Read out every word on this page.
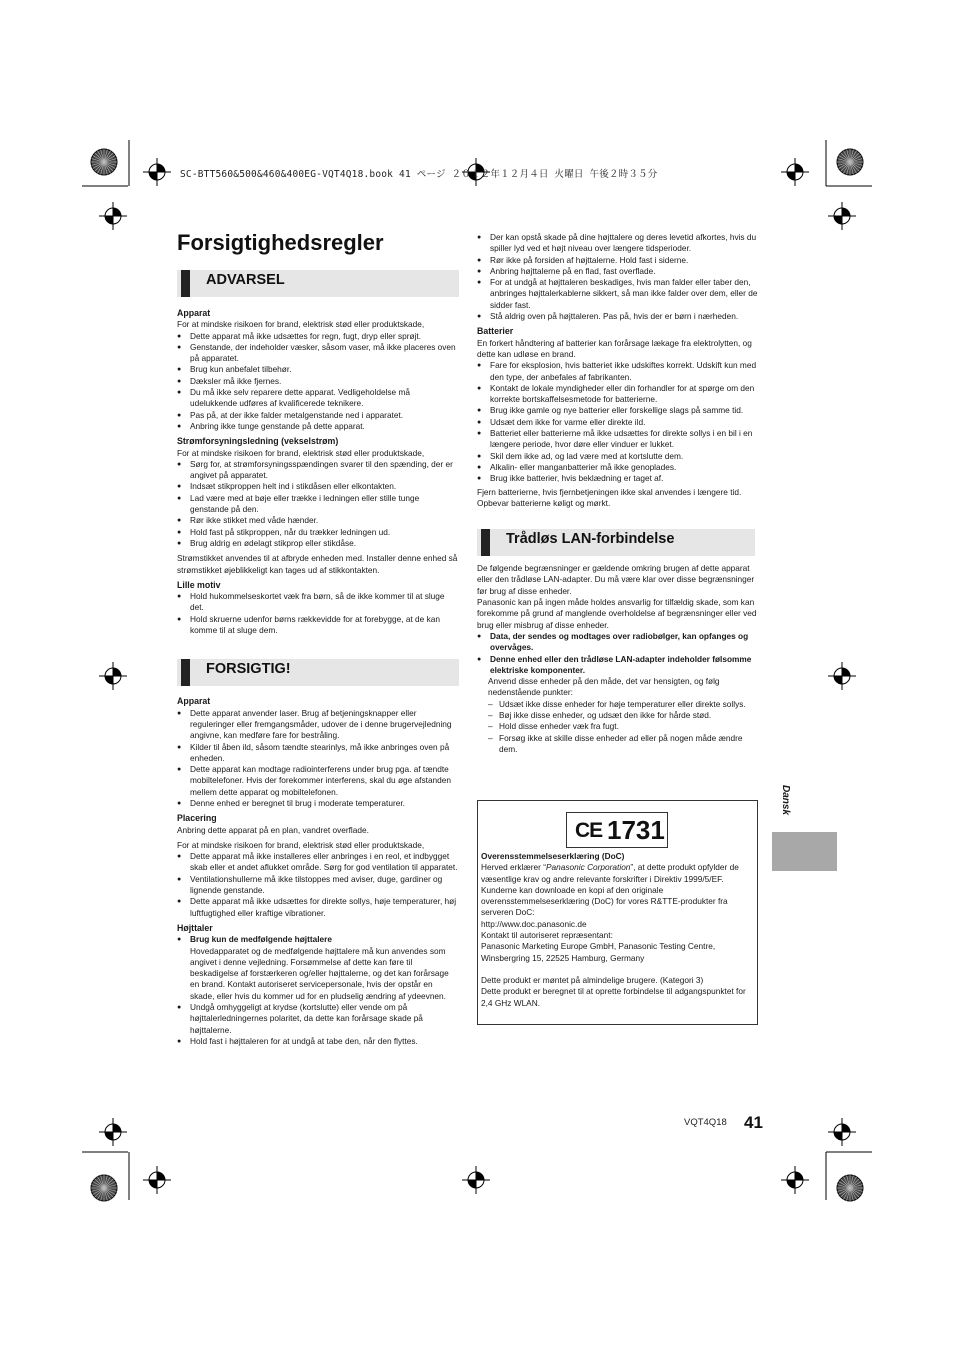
SC-BTT560&500&460&400EG-VQT4Q18.book 41 ページ ２０１２年１２月４日 火曜日 午後２時３５分
Forsigtighedsregler
ADVARSEL

Apparat

For at mindske risikoen for brand, elektrisk stød eller produktskade,

● Dette apparat må ikke udsættes for regn, fugt, dryp eller sprøjt.
● Genstande, der indeholder væsker, såsom vaser, må ikke placeres oven på apparatet.
● Brug kun anbefalet tilbehør.
● Dæksler må ikke fjernes.
● Du må ikke selv reparere dette apparat. Vedligeholdelse må udelukkende udføres af kvalificerede teknikere.
● Pas på, at der ikke falder metalgenstande ned i apparatet.
● Anbring ikke tunge genstande på dette apparat.

Strømforsyningsledning (vekselstrøm)

For at mindske risikoen for brand, elektrisk stød eller produktskade,

● Sørg for, at strømforsyningsspændingen svarer til den spænding, der er angivet på apparatet.
● Indsæt stikproppen helt ind i stikdåsen eller elkontakten.
● Lad være med at bøje eller trække i ledningen eller stille tunge genstande på den.
● Rør ikke stikket med våde hænder.
● Hold fast på stikproppen, når du trækker ledningen ud.
● Brug aldrig en ødelagt stikprop eller stikdåse.

Strømstikket anvendes til at afbryde enheden med. Installer denne enhed så strømstikket øjeblikkeligt kan tages ud af stikkontakten.

Lille motiv

● Hold hukommelseskortet væk fra børn, så de ikke kommer til at sluge det.
● Hold skruerne udenfor børns rækkevidde for at forebygge, at de kan komme til at sluge dem.
FORSIGTIG!

Apparat

● Dette apparat anvender laser. Brug af betjeningsknapper eller reguleringer eller fremgangsmåder, udover de i denne brugervejledning angivne, kan medføre fare for bestråling.
● Kilder til åben ild, såsom tændte stearinlys, må ikke anbringes oven på enheden.
● Dette apparat kan modtage radiointerferens under brug pga. af tændte mobiltelefoner. Hvis der forekommer interferens, skal du øge afstanden mellem dette apparat og mobiltelefonen.
● Denne enhed er beregnet til brug i moderate temperaturer.

Placering

Anbring dette apparat på en plan, vandret overflade.

For at mindske risikoen for brand, elektrisk stød eller produktskade,

● Dette apparat må ikke installeres eller anbringes i en reol, et indbygget skab eller et andet aflukket område. Sørg for god ventilation til apparatet.
● Ventilationshullerne må ikke tilstoppes med aviser, duge, gardiner og lignende genstande.
● Dette apparat må ikke udsættes for direkte sollys, høje temperaturer, høj luftfugtighed eller kraftige vibrationer.

Højttaler

● Brug kun de medfølgende højttalere
Hovedapparatet og de medfølgende højttalere må kun anvendes som angivet i denne vejledning. Forsømmelse af dette kan føre til beskadigelse af forstærkeren og/eller højttalerne, og det kan forårsage en brand. Kontakt autoriseret servicepersonale, hvis der opstår en skade, eller hvis du kommer ud for en pludselig ændring af ydeevnen.
● Undgå omhyggeligt at krydse (kortslutte) eller vende om på højttalerledningernes polaritet, da dette kan forårsage skade på højttalerne.
● Hold fast i højttaleren for at undgå at tabe den, når den flyttes.
● Der kan opstå skade på dine højttalere og deres levetid afkortes, hvis du spiller lyd ved et højt niveau over længere tidsperioder.
● Rør ikke på forsiden af højttalerne. Hold fast i siderne.
● Anbring højttalerne på en flad, fast overflade.
● For at undgå at højttaleren beskadiges, hvis man falder eller taber den, anbringes højttalerkablerne sikkert, så man ikke falder over dem, eller de sidder fast.
● Stå aldrig oven på højttaleren. Pas på, hvis der er børn i nærheden.

Batterier

En forkert håndtering af batterier kan forårsage lækage fra elektrolytten, og dette kan udløse en brand.

● Fare for eksplosion, hvis batteriet ikke udskiftes korrekt. Udskift kun med den type, der anbefales af fabrikanten.
● Kontakt de lokale myndigheder eller din forhandler for at spørge om den korrekte bortskaffelsesmetode for batterierne.
● Brug ikke gamle og nye batterier eller forskellige slags på samme tid.
● Udsæt dem ikke for varme eller direkte ild.
● Batteriet eller batterierne må ikke udsættes for direkte sollys i en bil i en længere periode, hvor døre eller vinduer er lukket.
● Skil dem ikke ad, og lad være med at kortslutte dem.
● Alkalin- eller manganbatterier må ikke genoplades.
● Brug ikke batterier, hvis beklædning er taget af.

Fjern batterierne, hvis fjernbetjeningen ikke skal anvendes i længere tid. Opbevar batterierne køligt og mørkt.

Trådløs LAN-forbindelse

De følgende begrænsninger er gældende omkring brugen af dette apparat eller den trådløse LAN-adapter. Du må være klar over disse begrænsninger før brug af disse enheder.

Panasonic kan på ingen måde holdes ansvarlig for tilfældig skade, som kan forekomme på grund af manglende overholdelse af begrænsninger eller ved brug eller misbrug af disse enheder.

● Data, der sendes og modtages over radiobølger, kan opfanges og overvåges.
● Denne enhed eller den trådløse LAN-adapter indeholder følsomme elektriske komponenter.

Anvend disse enheder på den måde, det var hensigten, og følg nedenstående punkter:

– Udsæt ikke disse enheder for høje temperaturer eller direkte sollys.
– Bøj ikke disse enheder, og udsæt den ikke for hårde stød.
– Hold disse enheder væk fra fugt.
– Forsøg ikke at skille disse enheder ad eller på nogen måde ændre dem.
CE 1731

Overensstemmelseserklæring (DoC)

Herved erklærer “Panasonic Corporation”, at dette produkt opfylder de væsentlige krav og andre relevante forskrifter i Direktiv 1999/5/EF.

Kunderne kan downloade en kopi af den originale overensstemmelseserklæring (DoC) for vores R&TTE-produkter fra serveren DoC:

http://www.doc.panasonic.de

Kontakt til autoriseret repræsentant:

Panasonic Marketing Europe GmbH, Panasonic Testing Centre, Winsbergring 15, 22525 Hamburg, Germany

Dette produkt er møntet på almindelige brugere. (Kategori 3)

Dette produkt er beregnet til at oprette forbindelse til adgangspunktet for 2,4 GHz WLAN.

Dansk
VQT4Q18 41
